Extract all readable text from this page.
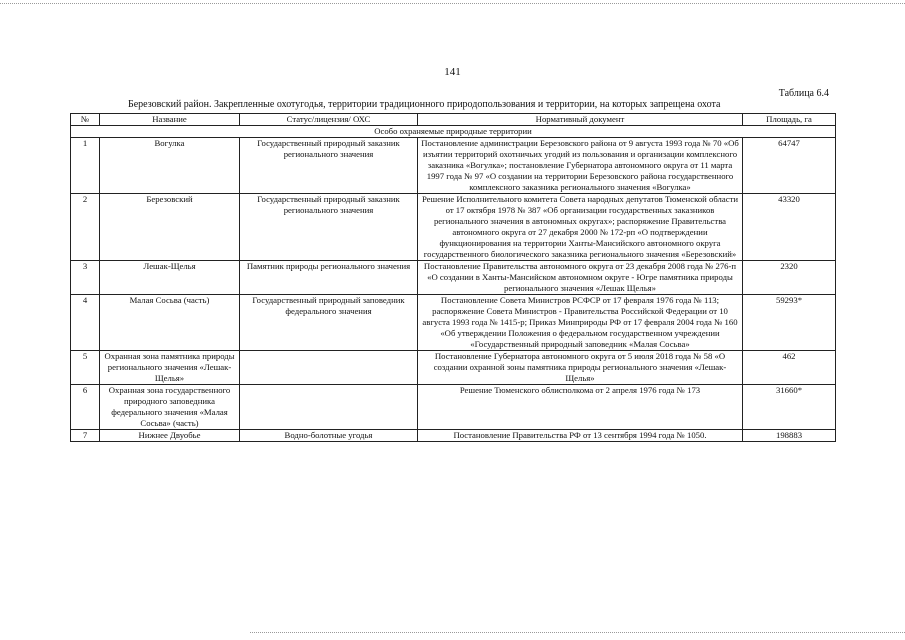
141
Таблица 6.4
Березовский район. Закрепленные охотугодья, территории традиционного природопользования и территории, на которых запрещена охота
№	Название	Статус/лицензия/ ОХС	Нормативный документ	Площадь, га
Особо охраняемые природные территории				
1	Вогулка	Государственный природный заказник регионального значения	Постановление администрации Березовского района от 9 августа 1993 года № 70 «Об изъятии территорий охотничьих угодий из пользования и организации комплексного заказника «Вогулка»; постановление Губернатора автономного округа от 11 марта 1997 года № 97 «О создании на территории Березовского района государственного комплексного заказника регионального значения «Вогулка»	64747
2	Березовский	Государственный природный заказник регионального значения	Решение Исполнительного комитета Совета народных депутатов Тюменской области от 17 октября 1978 № 387 «Об организации государственных заказников регионального значения в автономных округах»; распоряжение Правительства автономного округа от 27 декабря 2000 № 172-рп «О подтверждении функционирования на территории Ханты-Мансийского автономного округа государственного биологического заказника регионального значения «Березовский»	43320
3	Лешак-Щелья	Памятник природы регионального значения	Постановление Правительства автономного округа от 23 декабря 2008 года № 276-п «О создании в Ханты-Мансийском автономном округе - Югре памятника природы регионального значения «Лешак Щелья»	2320
4	Малая Сосьва (часть)	Государственный природный заповедник федерального значения	Постановление Совета Министров РСФСР от 17 февраля 1976 года № 113; распоряжение Совета Министров - Правительства Российской Федерации от 10 августа 1993 года № 1415-р; Приказ Минприроды РФ от 17 февраля 2004 года № 160 «Об утверждении Положения о федеральном государственном учреждении «Государственный природный заповедник «Малая Сосьва»	59293*
5	Охранная зона памятника природы регионального значения «Лешак-Щелья»		Постановление Губернатора автономного округа от 5 июля 2018 года № 58 «О создании охранной зоны памятника природы регионального значения «Лешак-Щелья»	462
6	Охранная зона государственного природного заповедника федерального значения «Малая Сосьва» (часть)		Решение Тюменского облисполкома от 2 апреля 1976 года № 173	31660*
7	Нижнее Двуобье	Водно-болотные угодья	Постановление Правительства РФ от 13 сентября 1994 года № 1050.	198883
